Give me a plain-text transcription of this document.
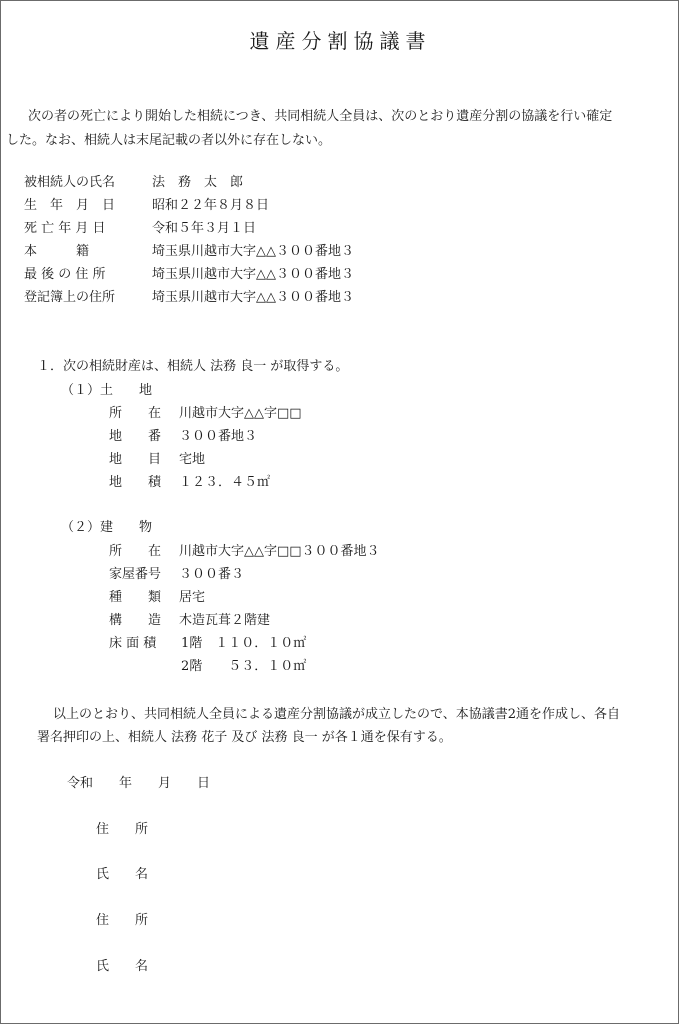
遺産分割協議書
次の者の死亡により開始した相続につき、共同相続人全員は、次のとおり遺産分割の協議を行い確定
した。なお、相続人は末尾記載の者以外に存在しない。
被相続人の氏名	法　務　太　郎
生　年　月　日	昭和２２年８月８日
死 亡 年 月 日	令和５年３月１日
本　　　籍	埼玉県川越市大字△△３００番地３
最 後 の 住 所	埼玉県川越市大字△△３００番地３
登記簿上の住所	埼玉県川越市大字△△３００番地３
１．次の相続財産は、相続人 法務 良一 が取得する。
（１）土　　地
所　　在 川越市大字△△字□□
地　　番 ３００番地３
地　　目 宅地
地　　積 １２３．４５㎡
（２）建　　物
所　　在 川越市大字△△字□□３００番地３
家屋番号 ３００番３
種　　類 居宅
構　　造 木造瓦葺２階建
床 面 積 1階　１１０．１０㎡
2階　　５３．１０㎡
以上のとおり、共同相続人全員による遺産分割協議が成立したので、本協議書2通を作成し、各自
署名押印の上、相続人 法務 花子 及び 法務 良一 が各１通を保有する。
令和　　年　　月　　日
住　　所
氏　　名
住　　所
氏　　名
